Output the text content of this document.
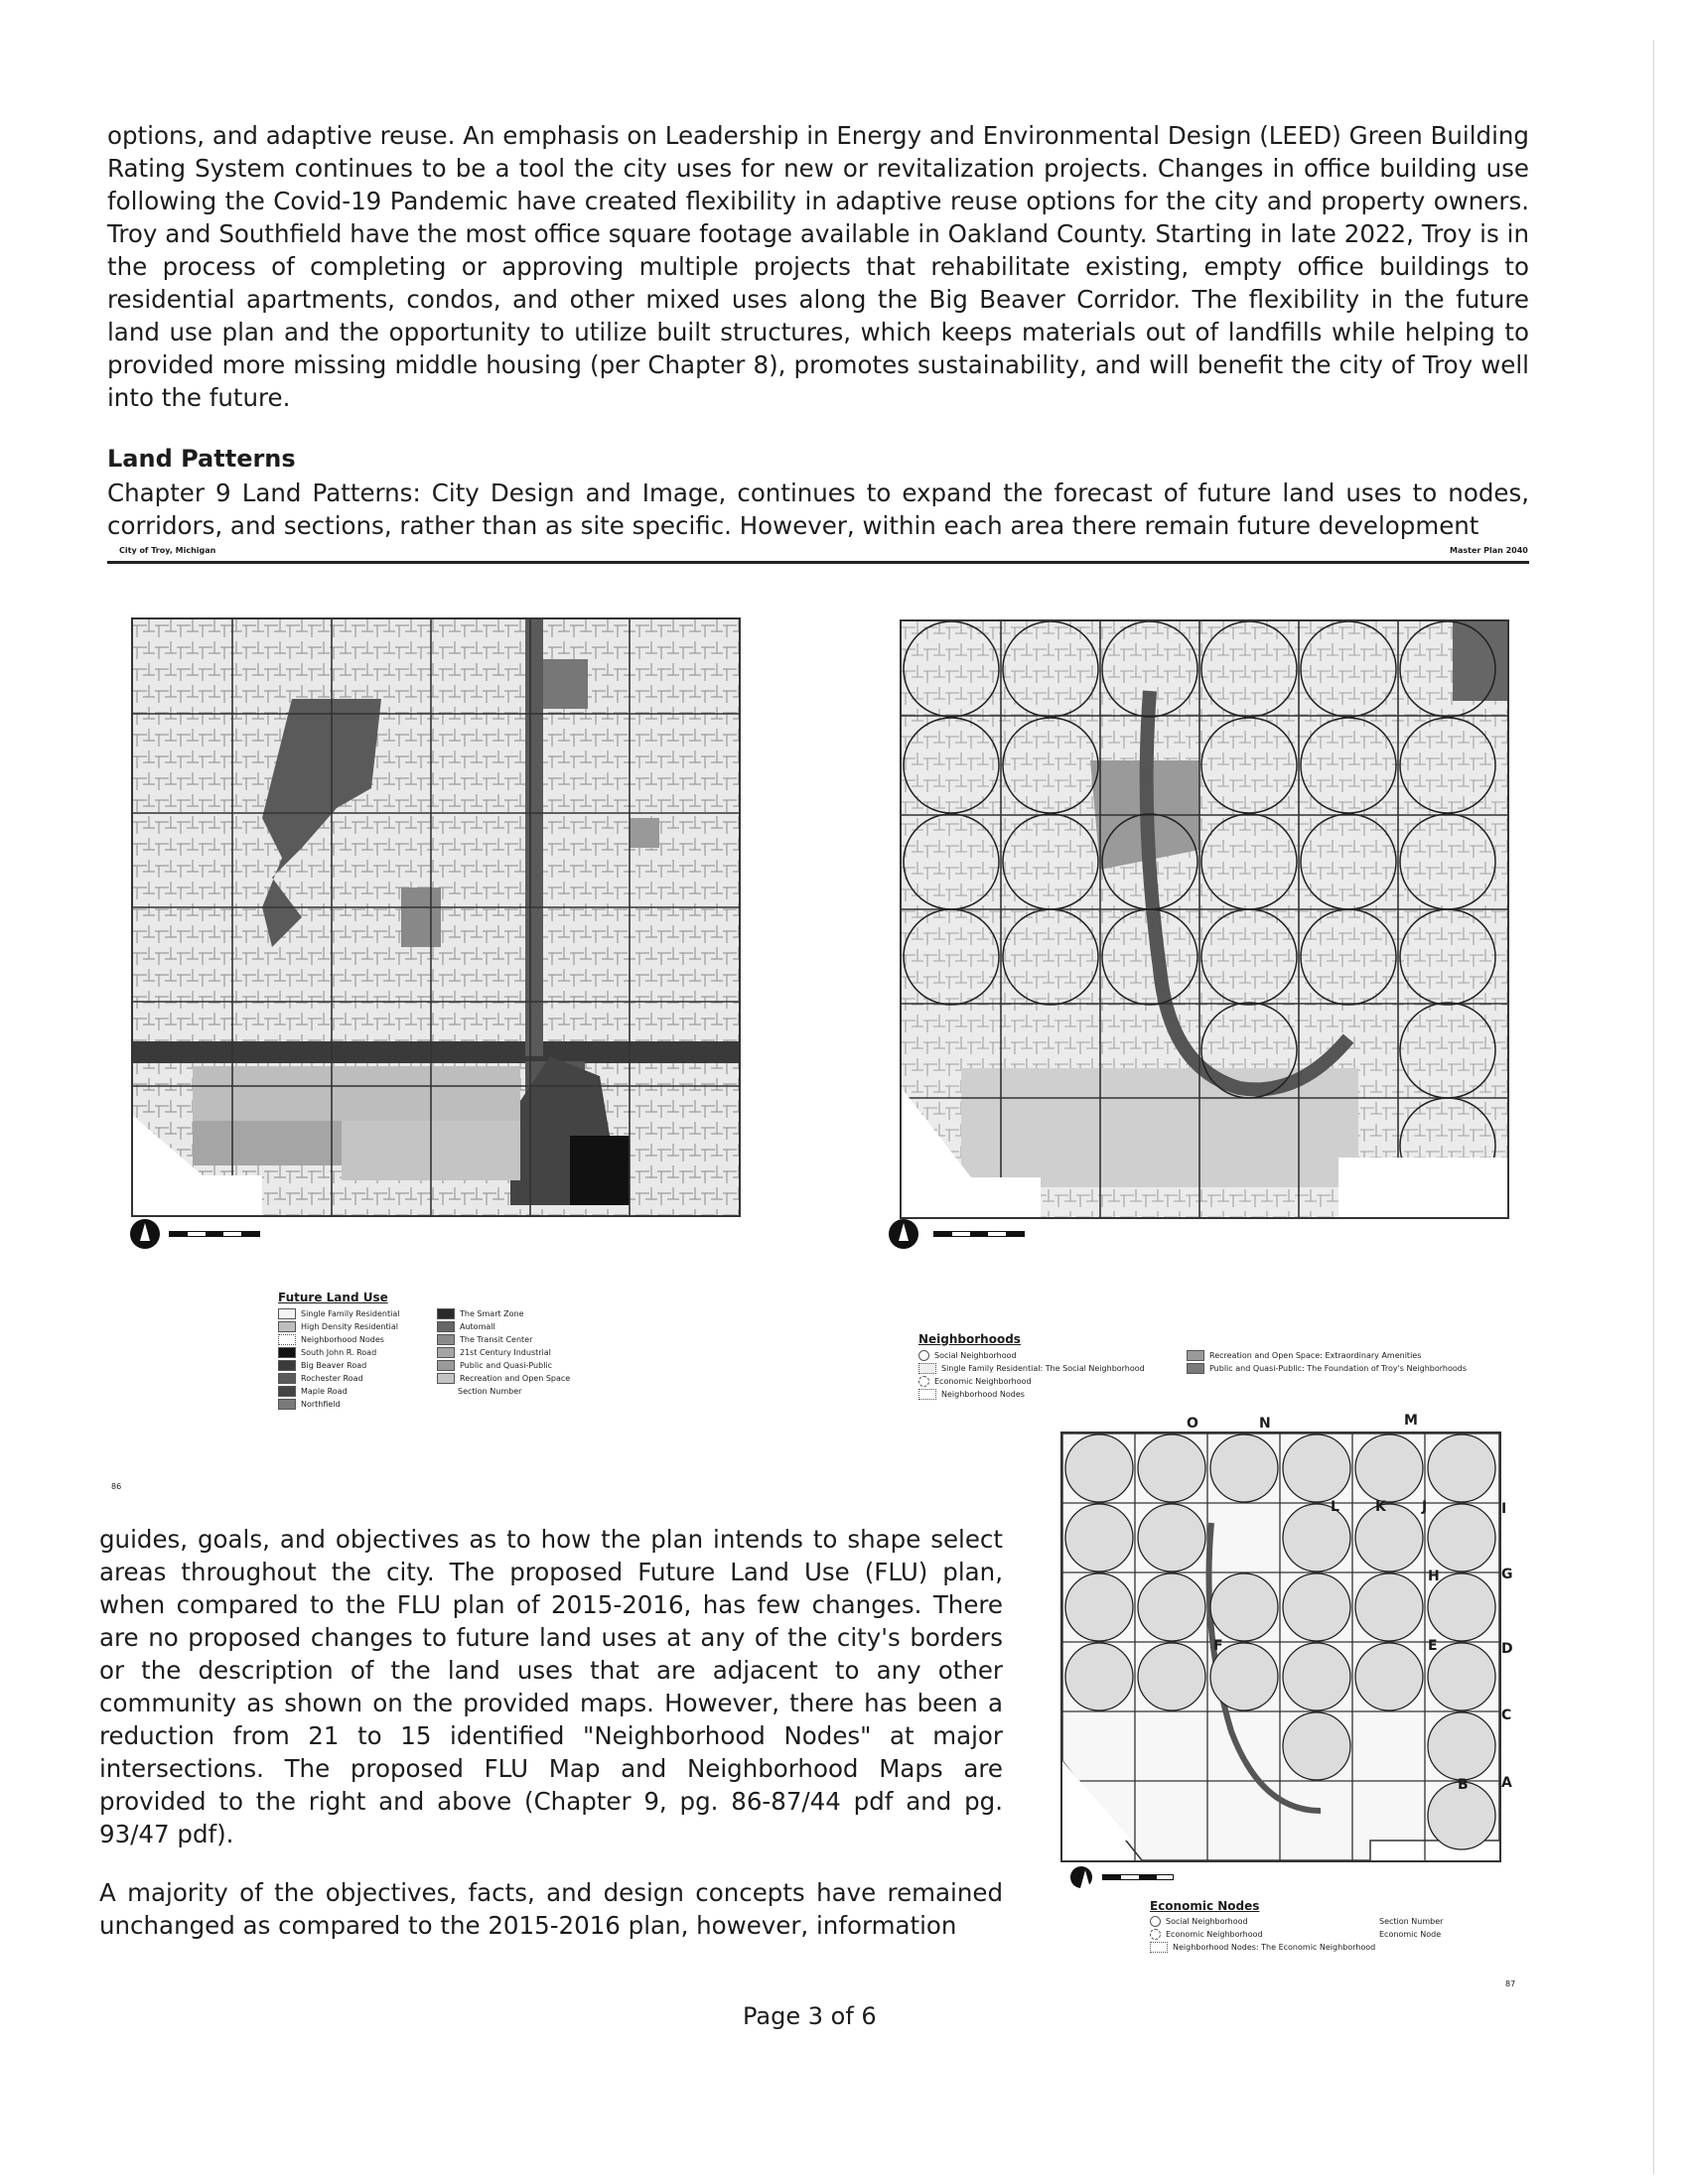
options, and adaptive reuse. An emphasis on Leadership in Energy and Environmental Design (LEED) Green Building Rating System continues to be a tool the city uses for new or revitalization projects. Changes in office building use following the Covid-19 Pandemic have created flexibility in adaptive reuse options for the city and property owners. Troy and Southfield have the most office square footage available in Oakland County. Starting in late 2022, Troy is in the process of completing or approving multiple projects that rehabilitate existing, empty office buildings to residential apartments, condos, and other mixed uses along the Big Beaver Corridor. The flexibility in the future land use plan and the opportunity to utilize built structures, which keeps materials out of landfills while helping to provided more missing middle housing (per Chapter 8), promotes sustainability, and will benefit the city of Troy well into the future.
Land Patterns
Chapter 9 Land Patterns: City Design and Image, continues to expand the forecast of future land uses to nodes, corridors, and sections, rather than as site specific. However, within each area there remain future development
City of Troy, Michigan	Master Plan 2040
Future Land Use
Single Family Residential
High Density Residential
Neighborhood Nodes
South John R. Road
Big Beaver Road
Rochester Road
Maple Road
Northfield
The Smart Zone
Automall
The Transit Center
21st Century Industrial
Public and Quasi-Public
Recreation and Open Space
Section Number
Neighborhoods
Social Neighborhood
Single Family Residential: The Social Neighborhood
Economic Neighborhood
Neighborhood Nodes
Recreation and Open Space: Extraordinary Amenities
Public and Quasi-Public: The Foundation of Troy's Neighborhoods
86
O	N	M
L	K	J	I
H	G
F	E	D
C
B A
Economic Nodes
Social Neighborhood
Economic Neighborhood
Section Number
Economic Node
Neighborhood Nodes: The Economic Neighborhood
87
guides, goals, and objectives as to how the plan intends to shape select areas throughout the city. The proposed Future Land Use (FLU) plan, when compared to the FLU plan of 2015-2016, has few changes. There are no proposed changes to future land uses at any of the city's borders or the description of the land uses that are adjacent to any other community as shown on the provided maps. However, there has been a reduction from 21 to 15 identified "Neighborhood Nodes" at major intersections. The proposed FLU Map and Neighborhood Maps are provided to the right and above (Chapter 9, pg. 86-87/44 pdf and pg. 93/47 pdf).
A majority of the objectives, facts, and design concepts have remained unchanged as compared to the 2015-2016 plan, however, information
Page 3 of 6
